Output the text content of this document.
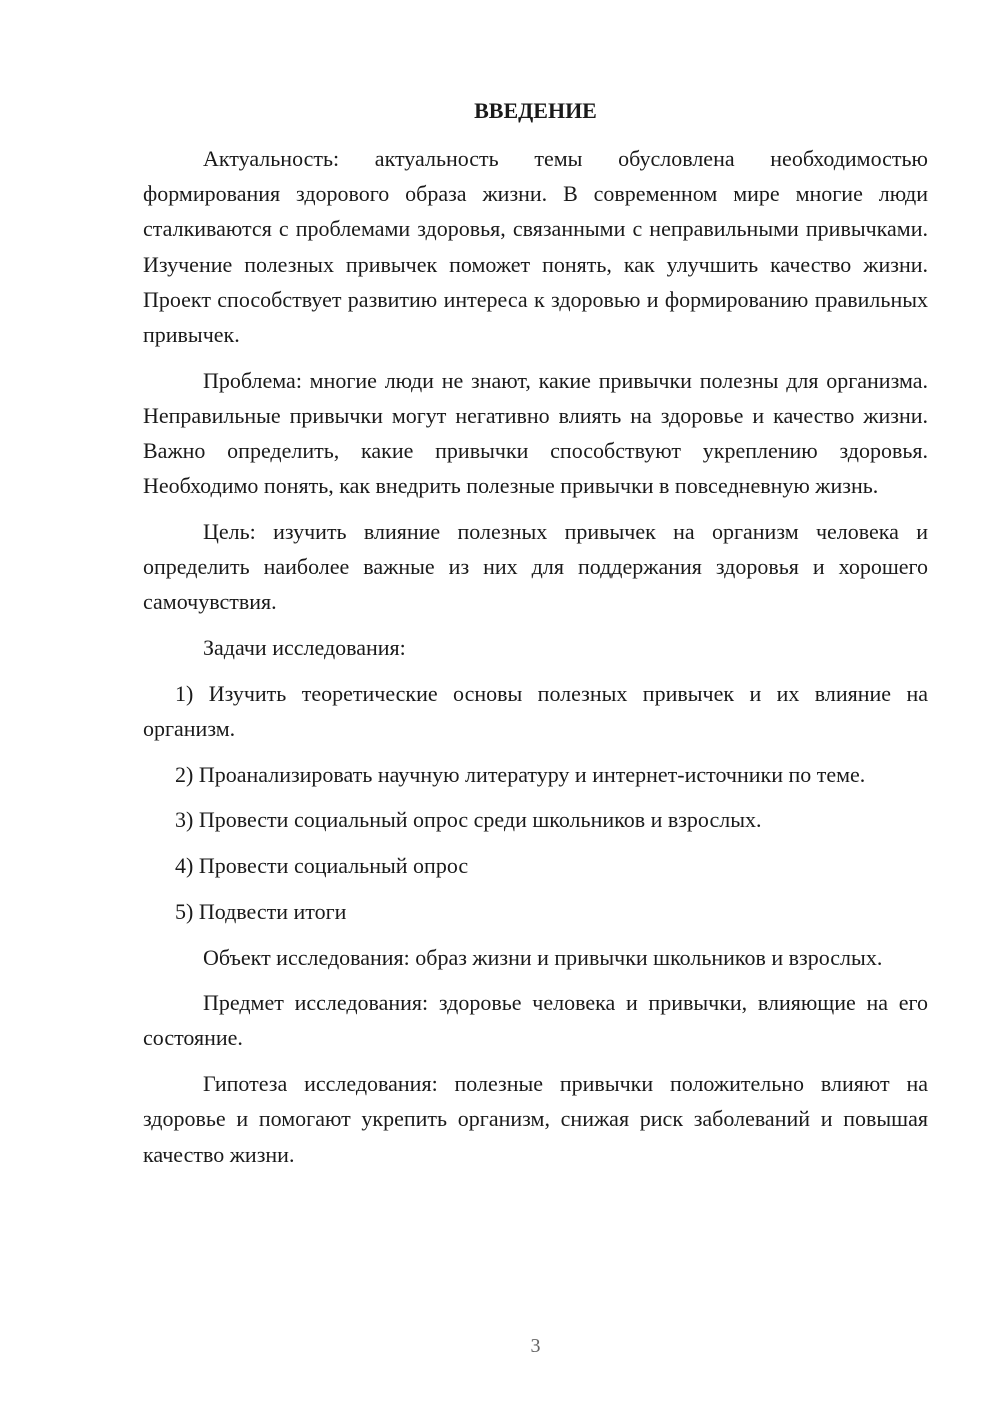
ВВЕДЕНИЕ

Актуальность: актуальность темы обусловлена необходимостью формирования здорового образа жизни. В современном мире многие люди сталкиваются с проблемами здоровья, связанными с неправильными привычками. Изучение полезных привычек поможет понять, как улучшить качество жизни. Проект способствует развитию интереса к здоровью и формированию правильных привычек.

Проблема: многие люди не знают, какие привычки полезны для организма. Неправильные привычки могут негативно влиять на здоровье и качество жизни. Важно определить, какие привычки способствуют укреплению здоровья. Необходимо понять, как внедрить полезные привычки в повседневную жизнь.

Цель: изучить влияние полезных привычек на организм человека и определить наиболее важные из них для поддержания здоровья и хорошего самочувствия.

Задачи исследования:

1) Изучить теоретические основы полезных привычек и их влияние на организм.

2) Проанализировать научную литературу и интернет-источники по теме.

3) Провести социальный опрос среди школьников и взрослых.

4) Провести социальный опрос

5) Подвести итоги

Объект исследования: образ жизни и привычки школьников и взрослых.

Предмет исследования: здоровье человека и привычки, влияющие на его состояние.

Гипотеза исследования: полезные привычки положительно влияют на здоровье и помогают укрепить организм, снижая риск заболеваний и повышая качество жизни.

3
